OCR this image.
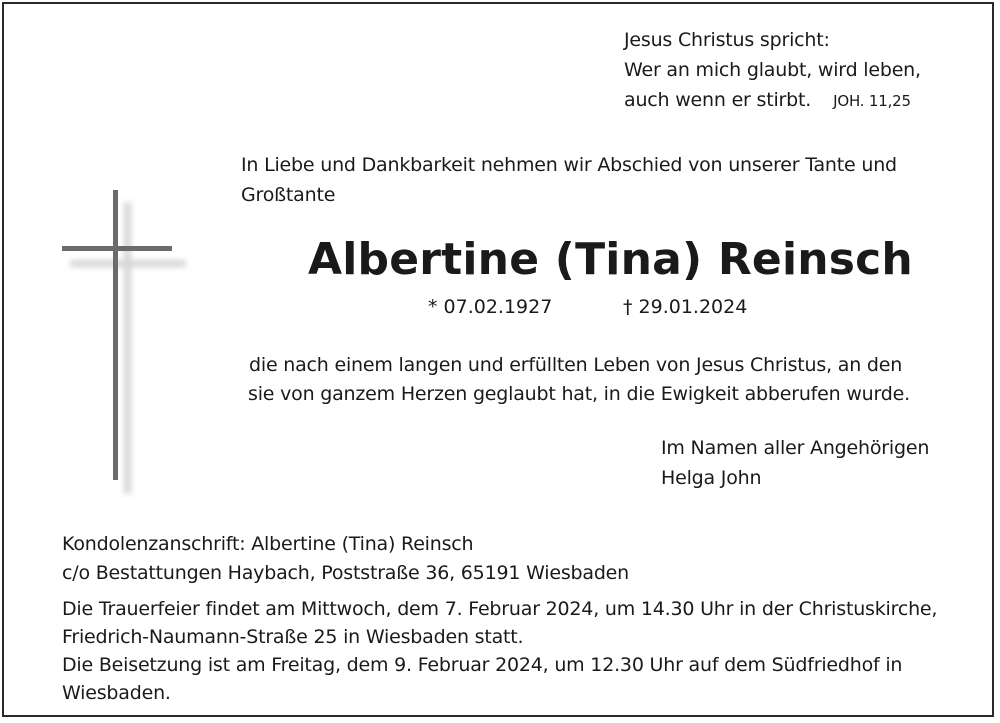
Jesus Christus spricht:
Wer an mich glaubt, wird leben,
auch wenn er stirbt. JOH. 11,25
In Liebe und Dankbarkeit nehmen wir Abschied von unserer Tante und
Großtante
Albertine (Tina) Reinsch
* 07.02.1927	† 29.01.2024
die nach einem langen und erfüllten Leben von Jesus Christus, an den
sie von ganzem Herzen geglaubt hat, in die Ewigkeit abberufen wurde.
Im Namen aller Angehörigen
Helga John
Kondolenzanschrift: Albertine (Tina) Reinsch
c/o Bestattungen Haybach, Poststraße 36, 65191 Wiesbaden
Die Trauerfeier findet am Mittwoch, dem 7. Februar 2024, um 14.30 Uhr in der Christuskirche,
Friedrich-Naumann-Straße 25 in Wiesbaden statt.
Die Beisetzung ist am Freitag, dem 9. Februar 2024, um 12.30 Uhr auf dem Südfriedhof in
Wiesbaden.
